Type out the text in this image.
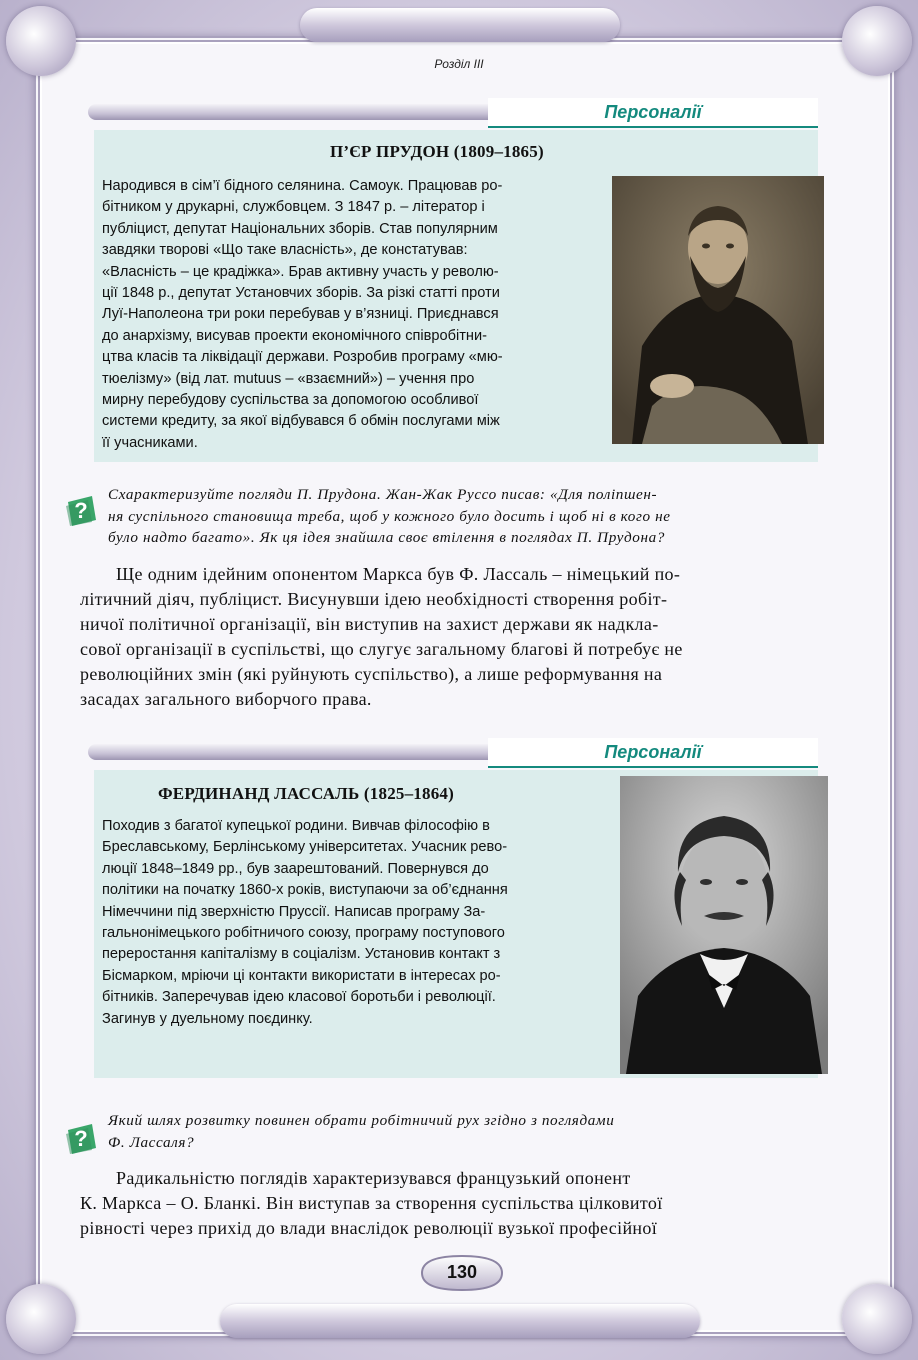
Розділ ІІІ
Персоналії
П’ЄР ПРУДОН (1809–1865)
Народився в сім’ї бідного селянина. Самоук. Працював ро-
бітником у друкарні, службовцем. З 1847 р. – літератор і
публіцист, депутат Національних зборів. Став популярним
завдяки творові «Що таке власність», де констатував:
«Власність – це крадіжка». Брав активну участь у револю-
ції 1848 р., депутат Установчих зборів. За різкі статті проти
Луї-Наполеона три роки перебував у в’язниці. Приєднався
до анархізму, висував проекти економічного співробітни-
цтва класів та ліквідації держави. Розробив програму «мю-
тюелізму» (від лат. mutuus – «взаємний») – учення про
мирну перебудову суспільства за допомогою особливої
системи кредиту, за якої відбувався б обмін послугами між
її учасниками.
?
Схарактеризуйте погляди П. Прудона. Жан-Жак Руссо писав: «Для поліпшен-
ня суспільного становища треба, щоб у кожного було досить і щоб ні в кого не
було надто багато». Як ця ідея знайшла своє втілення в поглядах П. Прудона?
Ще одним ідейним опонентом Маркса був Ф. Лассаль – німецький по-
літичний діяч, публіцист. Висунувши ідею необхідності створення робіт-
ничої політичної організації, він виступив на захист держави як надкла-
сової організації в суспільстві, що слугує загальному благові й потребує не
революційних змін (які руйнують суспільство), а лише реформування на
засадах загального виборчого права.
Персоналії
ФЕРДИНАНД ЛАССАЛЬ (1825–1864)
Походив з багатої купецької родини. Вивчав філософію в
Бреславському, Берлінському університетах. Учасник рево-
люції 1848–1849 рр., був заарештований. Повернувся до
політики на початку 1860-х років, виступаючи за об’єднання
Німеччини під зверхністю Пруссії. Написав програму За-
гальнонімецького робітничого союзу, програму поступового
переростання капіталізму в соціалізм. Установив контакт з
Бісмарком, мріючи ці контакти використати в інтересах ро-
бітників. Заперечував ідею класової боротьби і революції.
Загинув у дуельному поєдинку.
?
Який шлях розвитку повинен обрати робітничий рух згідно з поглядами
Ф. Лассаля?
Радикальністю поглядів характеризувався французький опонент
К. Маркса – О. Бланкі. Він виступав за створення суспільства цілковитої
рівності через прихід до влади внаслідок революції вузької професійної
130
